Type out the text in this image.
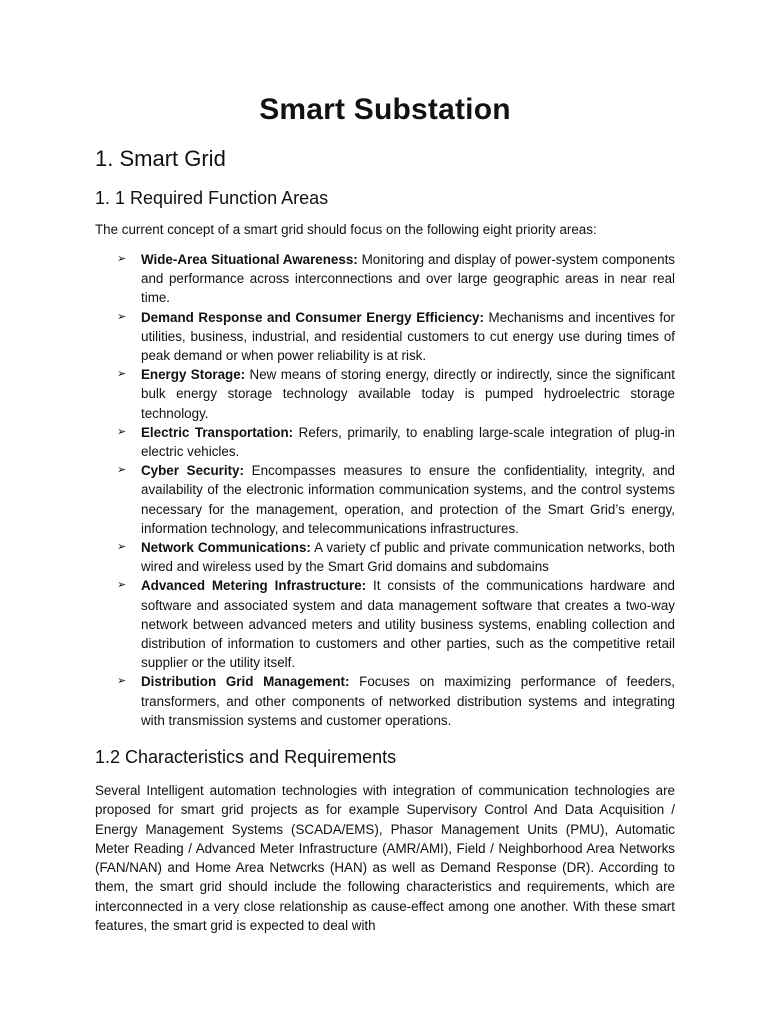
Smart Substation
1. Smart Grid
1. 1 Required Function Areas

The current concept of a smart grid should focus on the following eight priority areas:

➢ Wide-Area Situational Awareness: Monitoring and display of power-system components and performance across interconnections and over large geographic areas in near real time.
➢ Demand Response and Consumer Energy Efficiency: Mechanisms and incentives for utilities, business, industrial, and residential customers to cut energy use during times of peak demand or when power reliability is at risk.
➢ Energy Storage: New means of storing energy, directly or indirectly, since the significant bulk energy storage technology available today is pumped hydroelectric storage technology.
➢ Electric Transportation: Refers, primarily, to enabling large-scale integration of plug-in electric vehicles.
➢ Cyber Security: Encompasses measures to ensure the confidentiality, integrity, and availability of the electronic information communication systems, and the control systems necessary for the management, operation, and protection of the Smart Grid’s energy, information technology, and telecommunications infrastructures.
➢ Network Communications: A variety cf public and private communication networks, both wired and wireless used by the Smart Grid domains and subdomains
➢ Advanced Metering Infrastructure: It consists of the communications hardware and software and associated system and data management software that creates a two-way network between advanced meters and utility business systems, enabling collection and distribution of information to customers and other parties, such as the competitive retail supplier or the utility itself.
➢ Distribution Grid Management: Focuses on maximizing performance of feeders, transformers, and other components of networked distribution systems and integrating with transmission systems and customer operations.
1.2 Characteristics and Requirements

Several Intelligent automation technologies with integration of communication technologies are proposed for smart grid projects as for example Supervisory Control And Data Acquisition / Energy Management Systems (SCADA/EMS), Phasor Management Units (PMU), Automatic Meter Reading / Advanced Meter Infrastructure (AMR/AMI), Field / Neighborhood Area Networks (FAN/NAN) and Home Area Netwcrks (HAN) as well as Demand Response (DR). According to them, the smart grid should include the following characteristics and requirements, which are interconnected in a very close relationship as cause-effect among one another. With these smart features, the smart grid is expected to deal with
